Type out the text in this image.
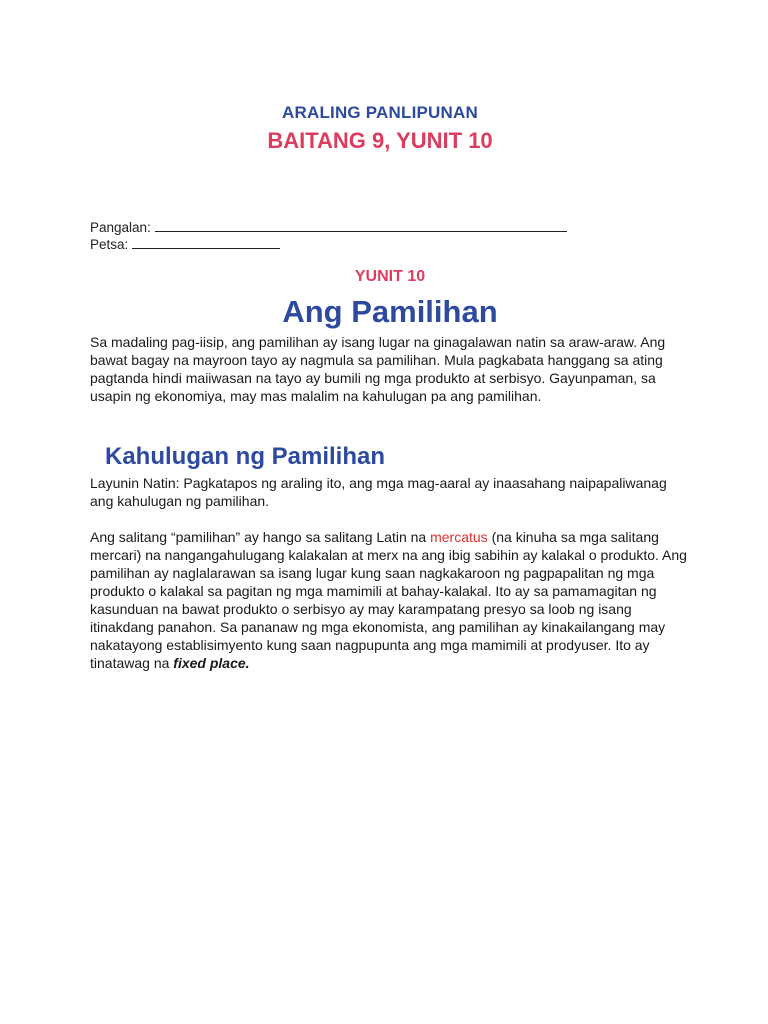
ARALING PANLIPUNAN
BAITANG 9, YUNIT 10
Pangalan:
Petsa:
YUNIT 10
Ang Pamilihan
Sa madaling pag-iisip, ang pamilihan ay isang lugar na ginagalawan natin sa araw-araw. Ang bawat bagay na mayroon tayo ay nagmula sa pamilihan. Mula pagkabata hanggang sa ating pagtanda hindi maiiwasan na tayo ay bumili ng mga produkto at serbisyo. Gayunpaman, sa usapin ng ekonomiya, may mas malalim na kahulugan pa ang pamilihan.
Kahulugan ng Pamilihan
Layunin Natin: Pagkatapos ng araling ito, ang mga mag-aaral ay inaasahang naipapaliwanag ang kahulugan ng pamilihan.
Ang salitang “pamilihan” ay hango sa salitang Latin na mercatus (na kinuha sa mga salitang mercari) na nangangahulugang kalakalan at merx na ang ibig sabihin ay kalakal o produkto. Ang pamilihan ay naglalarawan sa isang lugar kung saan nagkakaroon ng pagpapalitan ng mga produkto o kalakal sa pagitan ng mga mamimili at bahay-kalakal. Ito ay sa pamamagitan ng kasunduan na bawat produkto o serbisyo ay may karampatang presyo sa loob ng isang itinakdang panahon. Sa pananaw ng mga ekonomista, ang pamilihan ay kinakailangang may nakatayong establisimyento kung saan nagpupunta ang mga mamimili at prodyuser. Ito ay tinatawag na fixed place.
